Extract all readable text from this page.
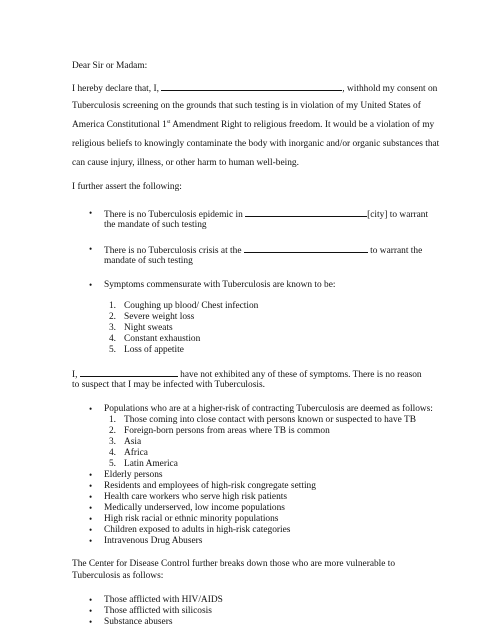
Dear Sir or Madam:
I hereby declare that, I,	, withhold my consent on
Tuberculosis screening on the grounds that such testing is in violation of my United States of
America Constitutional 1st Amendment Right to religious freedom. It would be a violation of my
religious beliefs to knowingly contaminate the body with inorganic and/or organic substances that
can cause injury, illness, or other harm to human well-being.
I further assert the following:
• There is no Tuberculosis epidemic in	[city] to warrant
the mandate of such testing
• There is no Tuberculosis crisis at the	to warrant the
mandate of such testing
• Symptoms commensurate with Tuberculosis are known to be:
1. Coughing up blood/ Chest infection
2. Severe weight loss
3. Night sweats
4. Constant exhaustion
5. Loss of appetite
I,	have not exhibited any of these of symptoms. There is no reason
to suspect that I may be infected with Tuberculosis.
• Populations who are at a higher-risk of contracting Tuberculosis are deemed as follows:
1. Those coming into close contact with persons known or suspected to have TB
2. Foreign-born persons from areas where TB is common
3. Asia
4. Africa
5. Latin America
• Elderly persons
• Residents and employees of high-risk congregate setting
• Health care workers who serve high risk patients
• Medically underserved, low income populations
• High risk racial or ethnic minority populations
• Children exposed to adults in high-risk categories
• Intravenous Drug Abusers
The Center for Disease Control further breaks down those who are more vulnerable to
Tuberculosis as follows:
• Those afflicted with HIV/AIDS
• Those afflicted with silicosis
• Substance abusers
